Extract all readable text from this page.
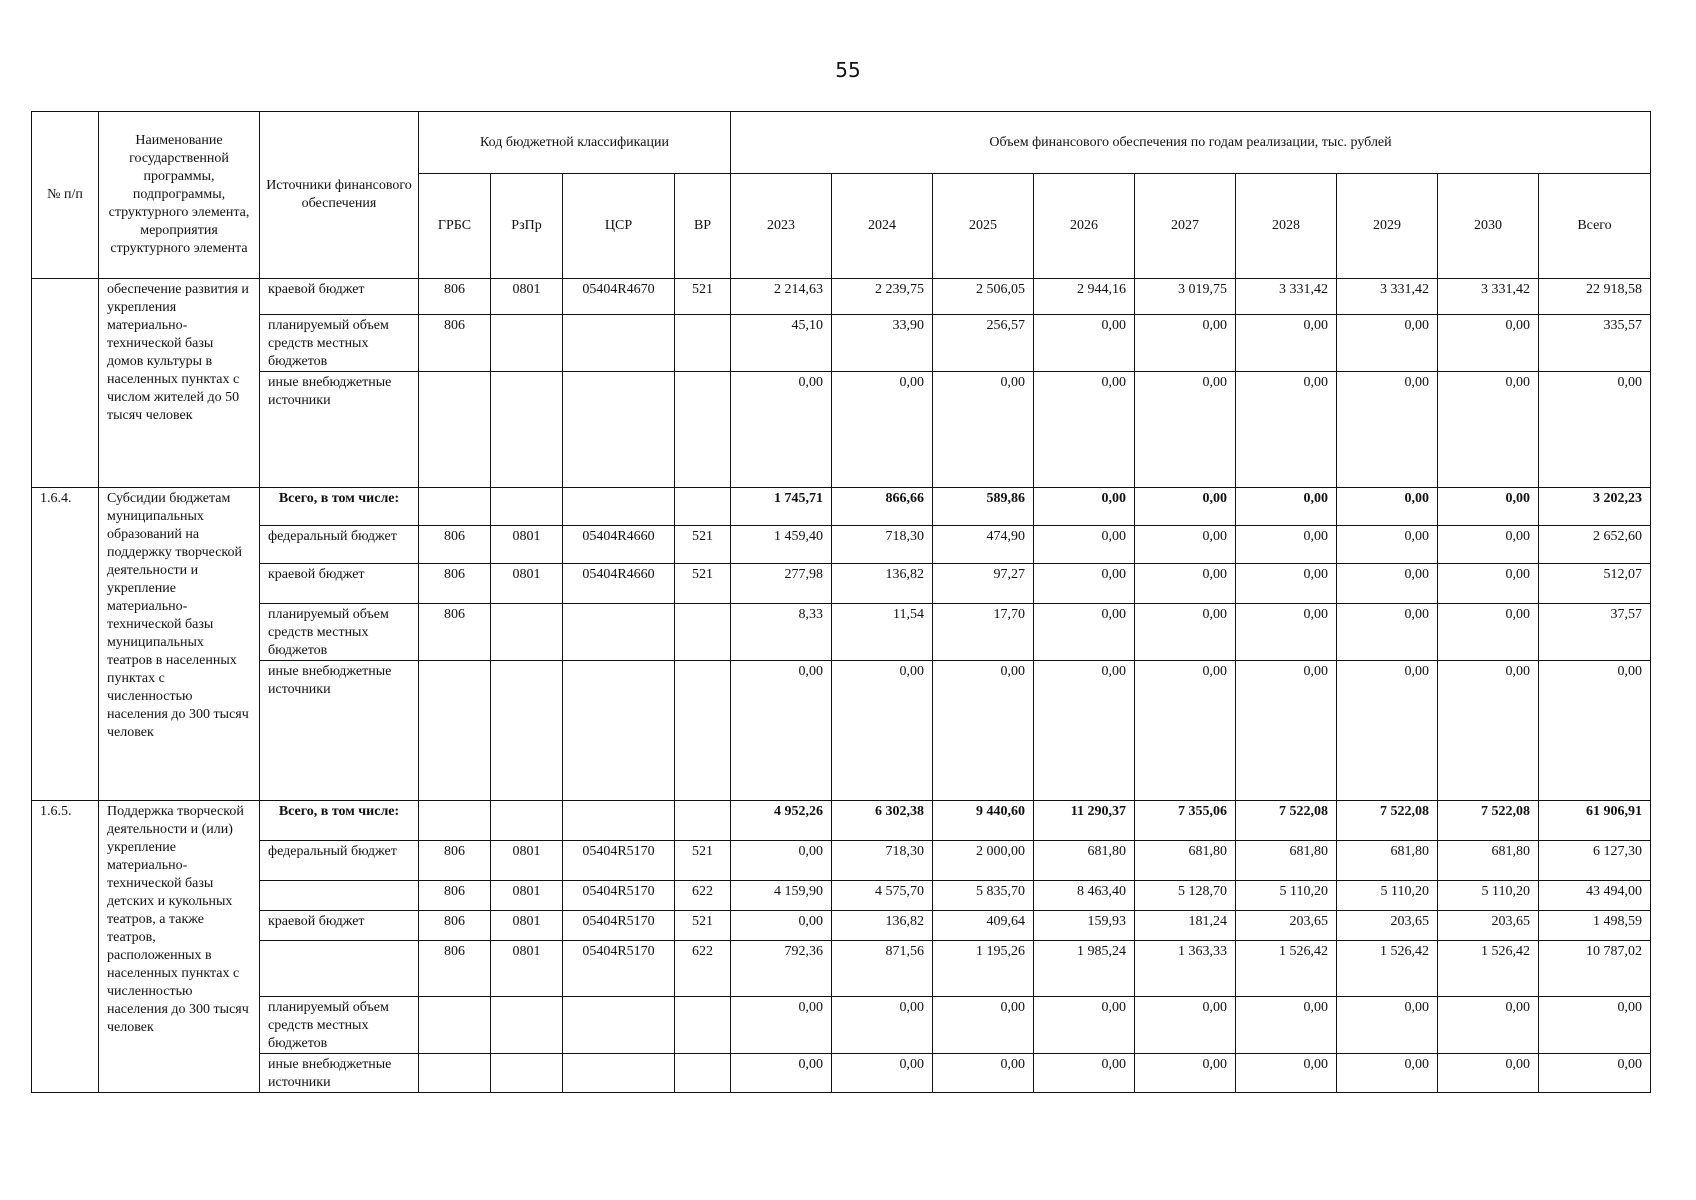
55
№ п/п	Наименование государственной программы, подпрограммы, структурного элемента, мероприятия структурного элемента	Источники финансового обеспечения	Код бюджетной классификации				Объем финансового обеспечения по годам реализации, тыс. рублей								
			ГРБС	РзПр	ЦСР	ВР	2023	2024	2025	2026	2027	2028	2029	2030	Всего
	обеспечение развития и укрепления материально-технической базы домов культуры в населенных пунктах с числом жителей до 50 тысяч человек	краевой бюджет	806	0801	05404R4670	521	2 214,63	2 239,75	2 506,05	2 944,16	3 019,75	3 331,42	3 331,42	3 331,42	22 918,58
		планируемый объем средств местных бюджетов	806				45,10	33,90	256,57	0,00	0,00	0,00	0,00	0,00	335,57
		иные внебюджетные источники					0,00	0,00	0,00	0,00	0,00	0,00	0,00	0,00	0,00
1.6.4.	Субсидии бюджетам муниципальных образований на поддержку творческой деятельности и укрепление материально-технической базы муниципальных театров в населенных пунктах с численностью населения до 300 тысяч человек	Всего, в том числе:					1 745,71	866,66	589,86	0,00	0,00	0,00	0,00	0,00	3 202,23
		федеральный бюджет	806	0801	05404R4660	521	1 459,40	718,30	474,90	0,00	0,00	0,00	0,00	0,00	2 652,60
		краевой бюджет	806	0801	05404R4660	521	277,98	136,82	97,27	0,00	0,00	0,00	0,00	0,00	512,07
		планируемый объем средств местных бюджетов	806				8,33	11,54	17,70	0,00	0,00	0,00	0,00	0,00	37,57
		иные внебюджетные источники					0,00	0,00	0,00	0,00	0,00	0,00	0,00	0,00	0,00
1.6.5.	Поддержка творческой деятельности и (или) укрепление материально-технической базы детских и кукольных театров, а также театров, расположенных в населенных пунктах с численностью населения до 300 тысяч человек	Всего, в том числе:					4 952,26	6 302,38	9 440,60	11 290,37	7 355,06	7 522,08	7 522,08	7 522,08	61 906,91
		федеральный бюджет	806	0801	05404R5170	521	0,00	718,30	2 000,00	681,80	681,80	681,80	681,80	681,80	6 127,30
			806	0801	05404R5170	622	4 159,90	4 575,70	5 835,70	8 463,40	5 128,70	5 110,20	5 110,20	5 110,20	43 494,00
		краевой бюджет	806	0801	05404R5170	521	0,00	136,82	409,64	159,93	181,24	203,65	203,65	203,65	1 498,59
			806	0801	05404R5170	622	792,36	871,56	1 195,26	1 985,24	1 363,33	1 526,42	1 526,42	1 526,42	10 787,02
		планируемый объем средств местных бюджетов					0,00	0,00	0,00	0,00	0,00	0,00	0,00	0,00	0,00
		иные внебюджетные источники					0,00	0,00	0,00	0,00	0,00	0,00	0,00	0,00	0,00
